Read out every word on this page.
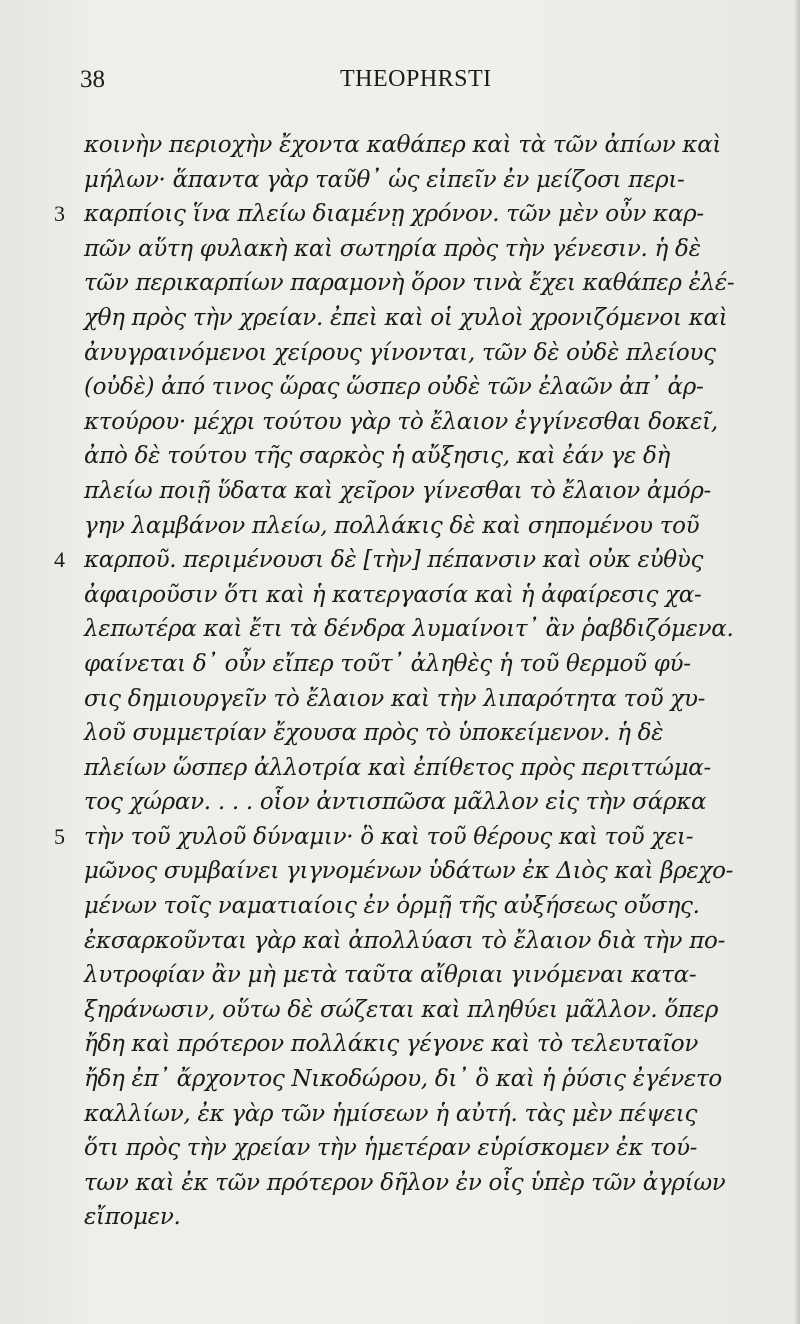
38	THEOPHRSTI
κοινὴν περιοχὴν ἔχοντα καθάπερ καὶ τὰ τῶν ἀπίων καὶ
μήλων· ἅπαντα γὰρ ταῦθ᾽ ὡς εἰπεῖν ἐν μείζοσι περι-
3 καρπίοις ἵνα πλείω διαμένῃ χρόνον. τῶν μὲν οὖν καρ-
πῶν αὕτη φυλακὴ καὶ σωτηρία πρὸς τὴν γένεσιν. ἡ δὲ
τῶν περικαρπίων παραμονὴ ὅρον τινὰ ἔχει καθάπερ ἐλέ-
χθη πρὸς τὴν χρείαν. ἐπεὶ καὶ οἱ χυλοὶ χρονιζόμενοι καὶ
ἀνυγραινόμενοι χείρους γίνονται, τῶν δὲ οὐδὲ πλείους
(οὐδὲ) ἀπό τινος ὥρας ὥσπερ οὐδὲ τῶν ἐλαῶν ἀπ᾽ ἀρ-
κτούρου· μέχρι τούτου γὰρ τὸ ἔλαιον ἐγγίνεσθαι δοκεῖ,
ἀπὸ δὲ τούτου τῆς σαρκὸς ἡ αὔξησις, καὶ ἐάν γε δὴ
πλείω ποιῇ ὕδατα καὶ χεῖρον γίνεσθαι τὸ ἔλαιον ἀμόρ-
γην λαμβάνον πλείω, πολλάκις δὲ καὶ σηπομένου τοῦ
4 καρποῦ. περιμένουσι δὲ [τὴν] πέπανσιν καὶ οὐκ εὐθὺς
ἀφαιροῦσιν ὅτι καὶ ἡ κατεργασία καὶ ἡ ἀφαίρεσις χα-
λεπωτέρα καὶ ἔτι τὰ δένδρα λυμαίνοιτ᾽ ἂν ῥαβδιζόμενα.
φαίνεται δ᾽ οὖν εἴπερ τοῦτ᾽ ἀληθὲς ἡ τοῦ θερμοῦ φύ-
σις δημιουργεῖν τὸ ἔλαιον καὶ τὴν λιπαρότητα τοῦ χυ-
λοῦ συμμετρίαν ἔχουσα πρὸς τὸ ὑποκείμενον. ἡ δὲ
πλείων ὥσπερ ἀλλοτρία καὶ ἐπίθετος πρὸς περιττώμα-
τος χώραν. . . . οἷον ἀντισπῶσα μᾶλλον εἰς τὴν σάρκα
5 τὴν τοῦ χυλοῦ δύναμιν· ὃ καὶ τοῦ θέρους καὶ τοῦ χει-
μῶνος συμβαίνει γιγνομένων ὑδάτων ἐκ Διὸς καὶ βρεχο-
μένων τοῖς ναματιαίοις ἐν ὁρμῇ τῆς αὐξήσεως οὔσης.
ἐκσαρκοῦνται γὰρ καὶ ἀπολλύασι τὸ ἔλαιον διὰ τὴν πο-
λυτροφίαν ἂν μὴ μετὰ ταῦτα αἴθριαι γινόμεναι κατα-
ξηράνωσιν, οὕτω δὲ σώζεται καὶ πληθύει μᾶλλον. ὅπερ
ἤδη καὶ πρότερον πολλάκις γέγονε καὶ τὸ τελευταῖον
ἤδη ἐπ᾽ ἄρχοντος Νικοδώρου, δι᾽ ὃ καὶ ἡ ῥύσις ἐγένετο
καλλίων, ἐκ γὰρ τῶν ἡμίσεων ἡ αὐτή. τὰς μὲν πέψεις
ὅτι πρὸς τὴν χρείαν τὴν ἡμετέραν εὑρίσκομεν ἐκ τού-
των καὶ ἐκ τῶν πρότερον δῆλον ἐν οἷς ὑπὲρ τῶν ἀγρίων
εἴπομεν.
